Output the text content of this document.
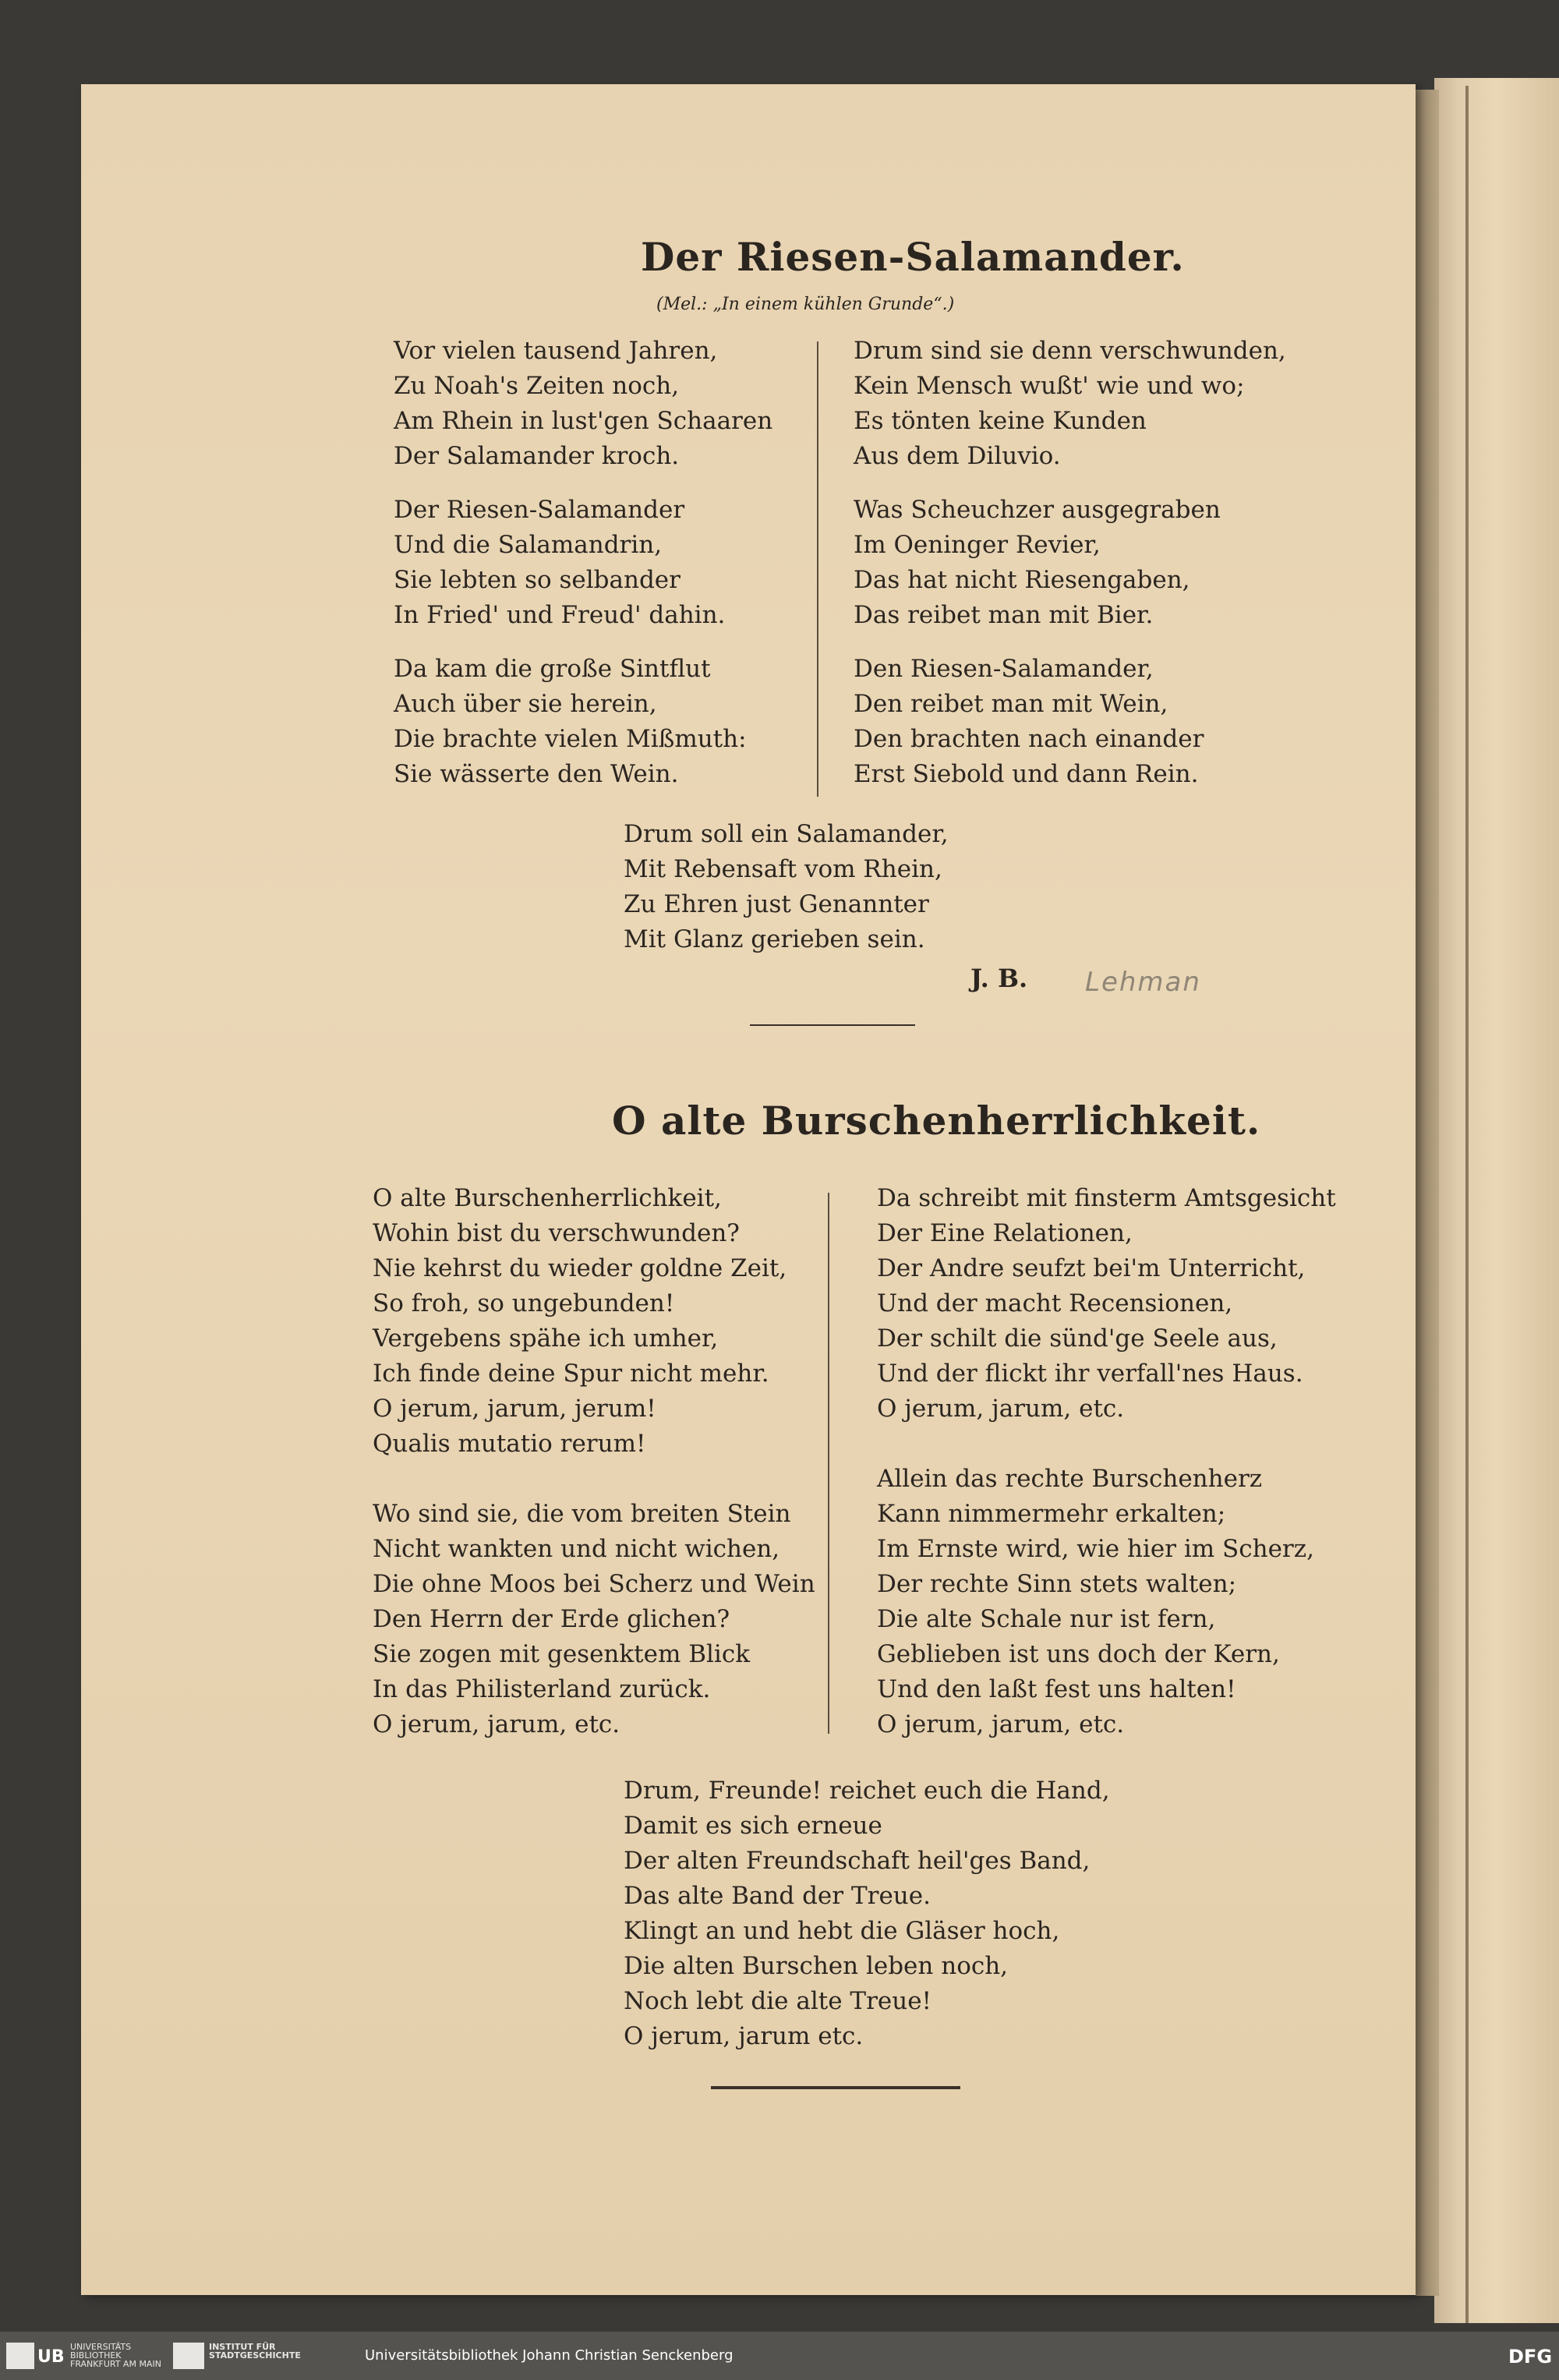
Der Riesen-Salamander.
(Mel.: „In einem kühlen Grunde“.)
Vor vielen tausend Jahren,
Zu Noah's Zeiten noch,
Am Rhein in lust'gen Schaaren
Der Salamander kroch.
Der Riesen-Salamander
Und die Salamandrin,
Sie lebten so selbander
In Fried' und Freud' dahin.
Da kam die große Sintflut
Auch über sie herein,
Die brachte vielen Mißmuth:
Sie wässerte den Wein.
Drum sind sie denn verschwunden,
Kein Mensch wußt' wie und wo;
Es tönten keine Kunden
Aus dem Diluvio.
Was Scheuchzer ausgegraben
Im Oeninger Revier,
Das hat nicht Riesengaben,
Das reibet man mit Bier.
Den Riesen-Salamander,
Den reibet man mit Wein,
Den brachten nach einander
Erst Siebold und dann Rein.
Drum soll ein Salamander,
Mit Rebensaft vom Rhein,
Zu Ehren just Genannter
Mit Glanz gerieben sein.
J. B. Lehman
O alte Burschenherrlichkeit.
O alte Burschenherrlichkeit,
Wohin bist du verschwunden?
Nie kehrst du wieder goldne Zeit,
So froh, so ungebunden!
Vergebens spähe ich umher,
Ich finde deine Spur nicht mehr.
O jerum, jarum, jerum!
Qualis mutatio rerum!
Wo sind sie, die vom breiten Stein
Nicht wankten und nicht wichen,
Die ohne Moos bei Scherz und Wein
Den Herrn der Erde glichen?
Sie zogen mit gesenktem Blick
In das Philisterland zurück.
O jerum, jarum, etc.
Da schreibt mit finsterm Amtsgesicht
Der Eine Relationen,
Der Andre seufzt bei'm Unterricht,
Und der macht Recensionen,
Der schilt die sünd'ge Seele aus,
Und der flickt ihr verfall'nes Haus.
O jerum, jarum, etc.
Allein das rechte Burschenherz
Kann nimmermehr erkalten;
Im Ernste wird, wie hier im Scherz,
Der rechte Sinn stets walten;
Die alte Schale nur ist fern,
Geblieben ist uns doch der Kern,
Und den laßt fest uns halten!
O jerum, jarum, etc.
Drum, Freunde! reichet euch die Hand,
Damit es sich erneue
Der alten Freundschaft heil'ges Band,
Das alte Band der Treue.
Klingt an und hebt die Gläser hoch,
Die alten Burschen leben noch,
Noch lebt die alte Treue!
O jerum, jarum etc.
UB
UNIVERSITÄTS BIBLIOTHEK FRANKFURT AM MAIN
INSTITUT FÜR STADTGESCHICHTE	Universitätsbibliothek Johann Christian Senckenberg	DFG
